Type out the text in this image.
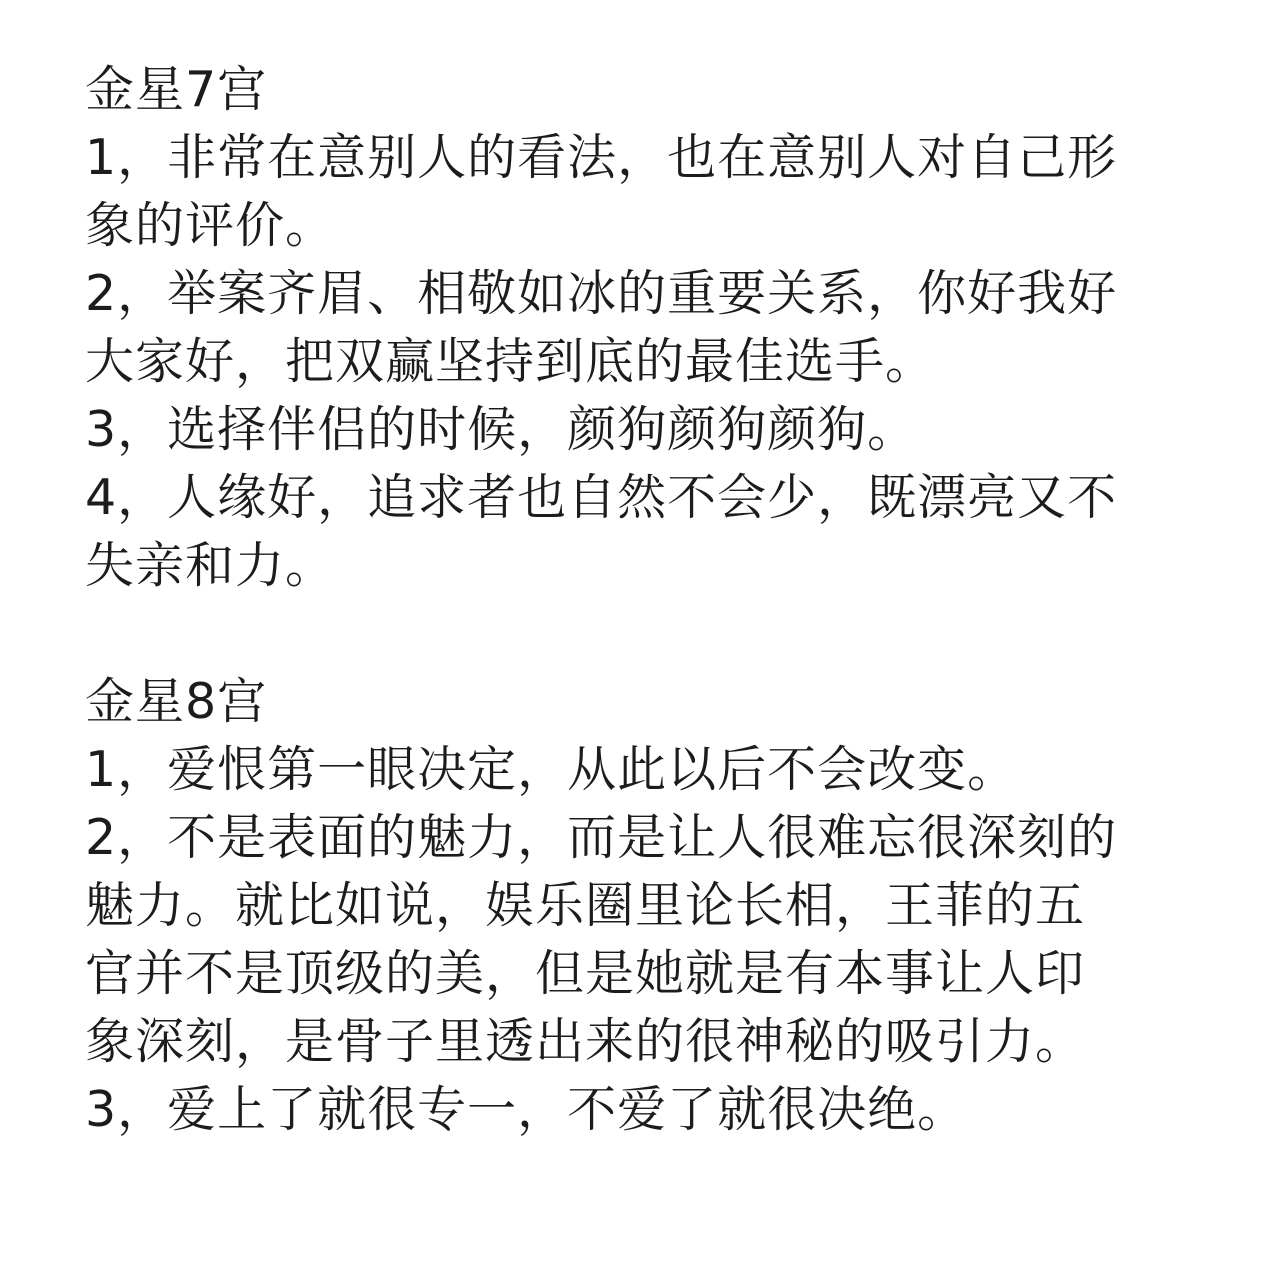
金星7宫
1，非常在意别人的看法，也在意别人对自己形
象的评价。
2，举案齐眉、相敬如冰的重要关系，你好我好
大家好，把双赢坚持到底的最佳选手。
3，选择伴侣的时候，颜狗颜狗颜狗。
4，人缘好，追求者也自然不会少，既漂亮又不
失亲和力。
金星8宫
1，爱恨第一眼决定，从此以后不会改变。
2，不是表面的魅力，而是让人很难忘很深刻的
魅力。就比如说，娱乐圈里论长相，王菲的五
官并不是顶级的美，但是她就是有本事让人印
象深刻，是骨子里透出来的很神秘的吸引力。
3，爱上了就很专一，不爱了就很决绝。
